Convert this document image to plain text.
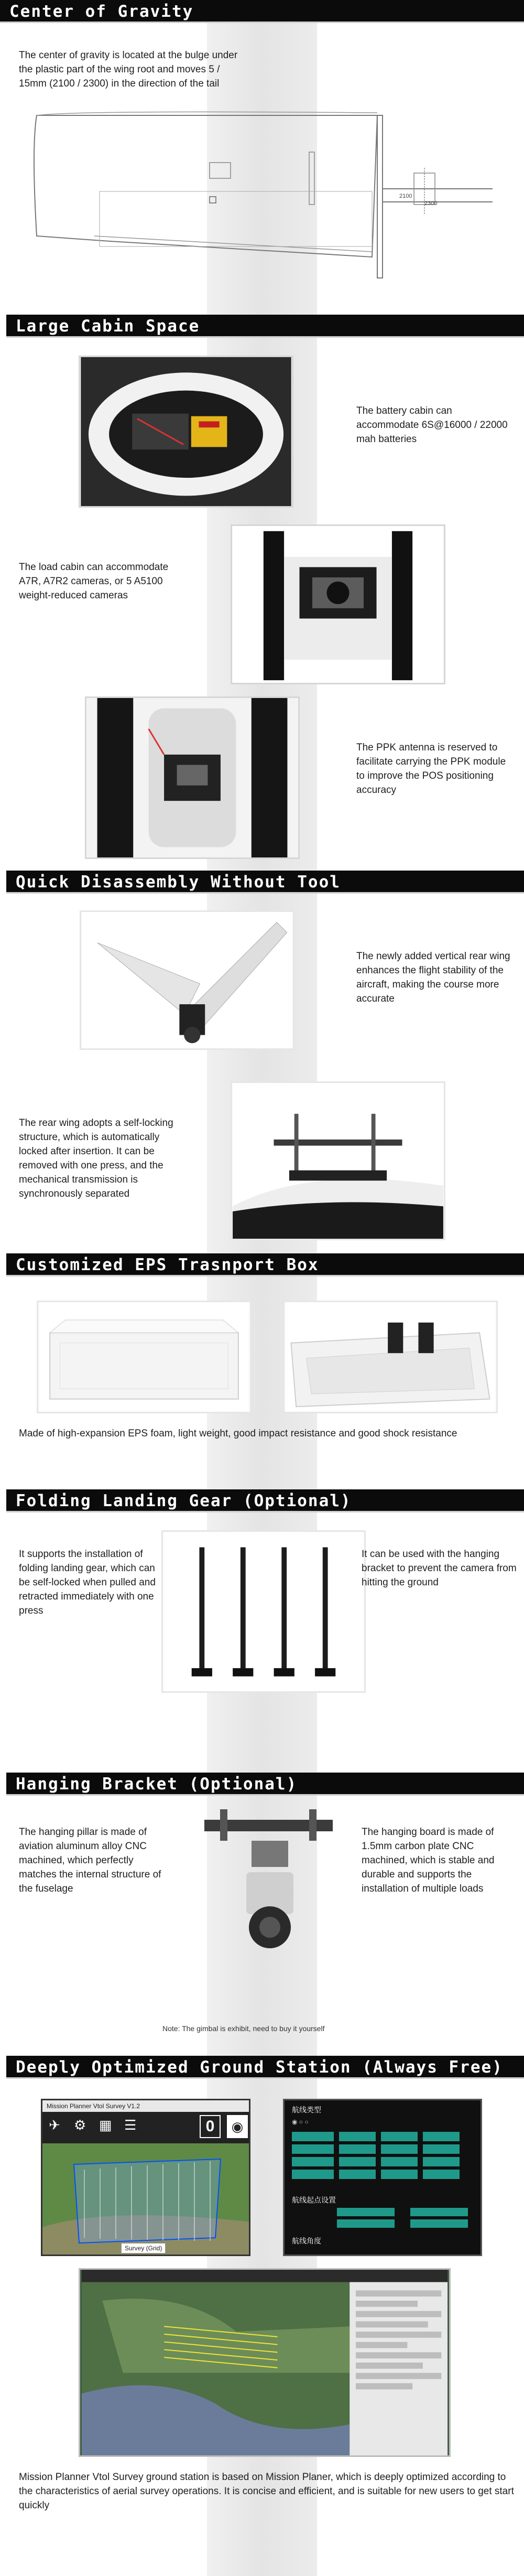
Center of Gravity
The center of gravity is located at the bulge under the plastic part of the wing root and moves 5 / 15mm (2100 / 2300) in the direction of the tail
2100
2300
Large Cabin Space
The battery cabin can accommodate 6S@16000 / 22000 mah batteries
The load cabin can accommodate A7R, A7R2 cameras, or 5 A5100 weight-reduced cameras
The PPK antenna is reserved to facilitate carrying the PPK module to improve the POS positioning accuracy
Quick Disassembly Without Tool
The newly added vertical rear wing enhances the flight stability of the aircraft, making the course more accurate
The rear wing adopts a self-locking structure, which is automatically locked after insertion. It can be removed with one press, and the mechanical transmission is synchronously separated
Customized EPS Trasnport Box
Made of high-expansion EPS foam, light weight, good impact resistance and good shock resistance
Folding Landing Gear (Optional)
It supports the installation of folding landing gear, which can be self-locked when pulled and retracted immediately with one press
It can be used with the hanging bracket to prevent the camera from hitting the ground
Hanging Bracket (Optional)
The hanging pillar is made of aviation aluminum alloy CNC machined, which perfectly matches the internal structure of the fuselage
The hanging board is made of 1.5mm carbon plate CNC machined, which is stable and durable and supports the installation of multiple loads
Note: The gimbal is exhibit, need to buy it yourself
Deeply Optimized Ground Station (Always Free)
Mission Planner Vtol Survey V1.2
✈ ⚙ ▦ ☰	0	◉
Survey (Grid)
航线类型
◉ ○ ○
航线起点设置
航线角度
Mission Planner Vtol Survey ground station is based on Mission Planer, which is deeply optimized according to the characteristics of aerial survey operations. It is concise and efficient, and is suitable for new users to get start quickly
